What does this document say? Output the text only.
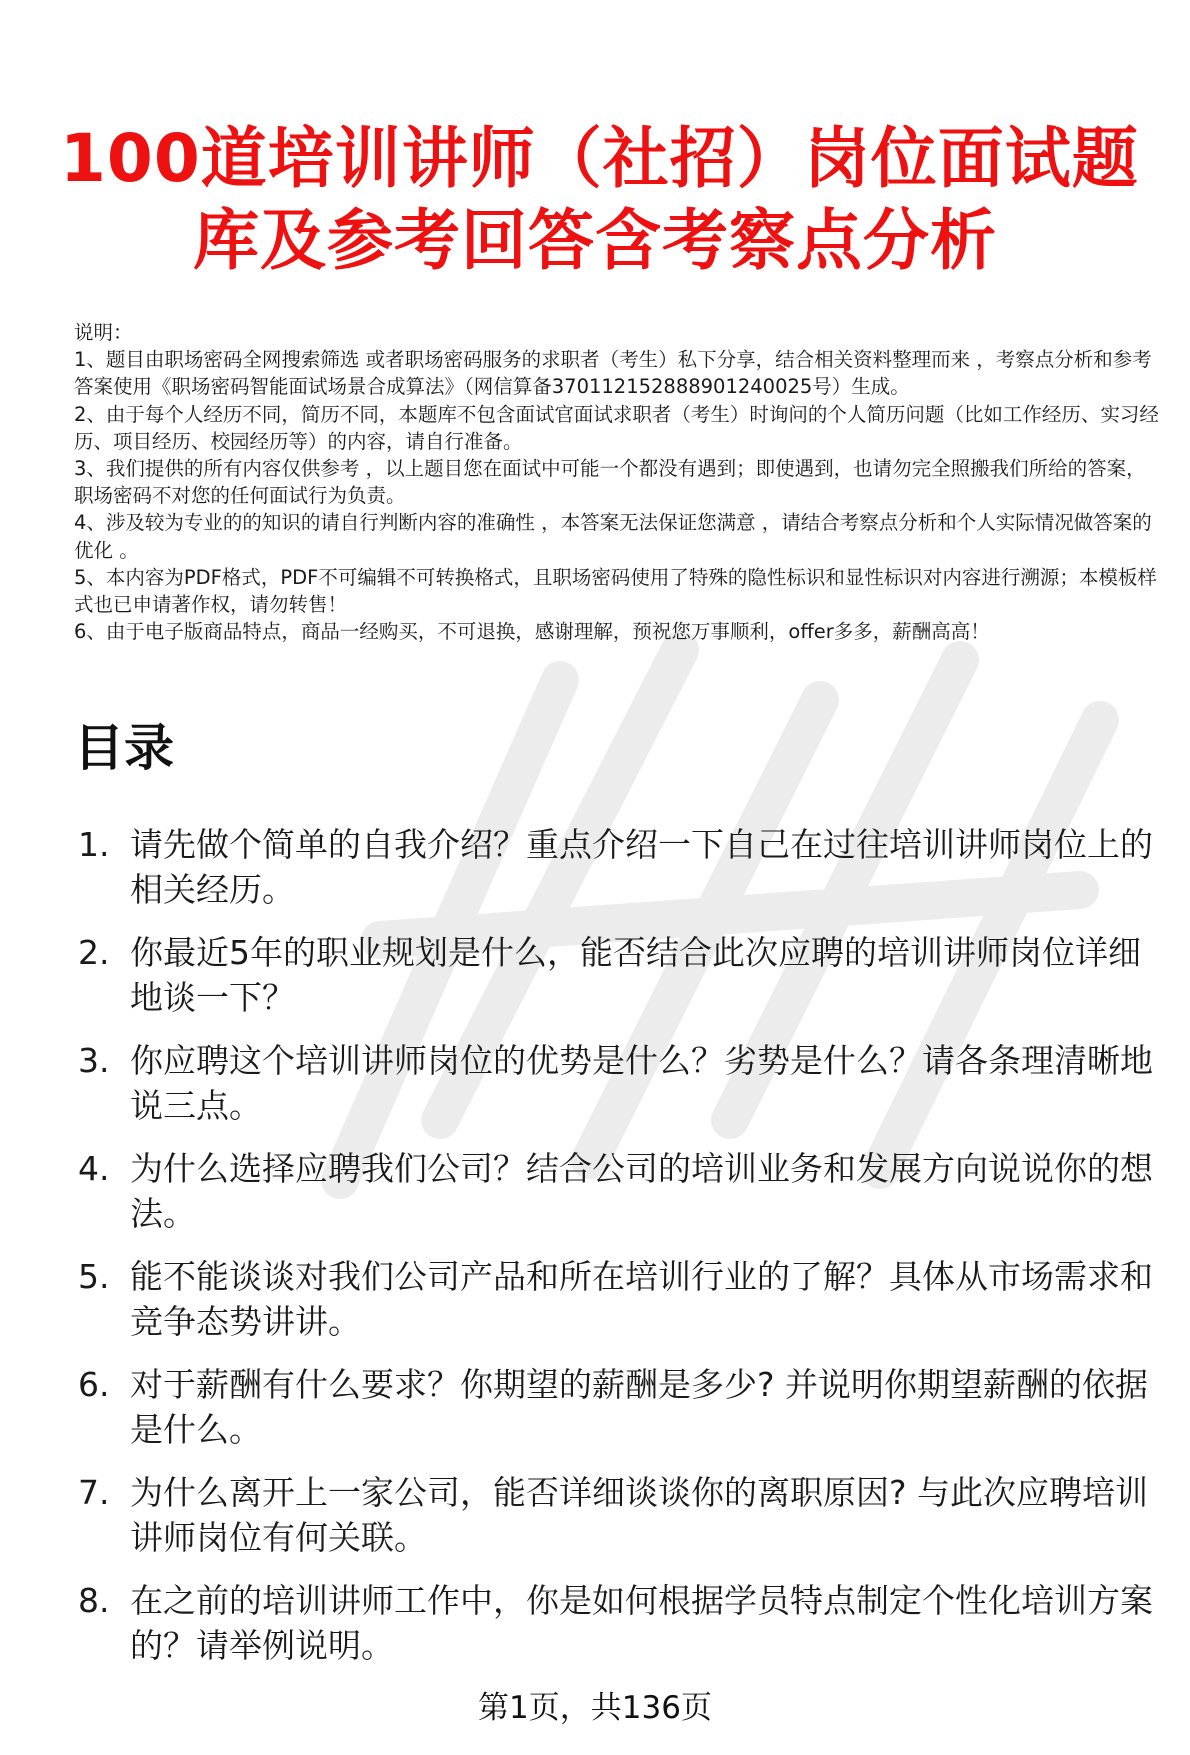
100道培训讲师（社招）岗位面试题
库及参考回答含考察点分析

说明：

1、题目由职场密码全网搜索筛选 或者职场密码服务的求职者（考生）私下分享，结合相关资料整理而来 ，考察点分析和参考答案使用《职场密码智能面试场景合成算法》（网信算备370112152888901240025号）生成。

2、由于每个人经历不同，简历不同，本题库不包含面试官面试求职者（考生）时询问的个人简历问题（比如工作经历、实习经历、项目经历、校园经历等）的内容，请自行准备。

3、我们提供的所有内容仅供参考 ，以上题目您在面试中可能一个都没有遇到；即使遇到，也请勿完全照搬我们所给的答案，职场密码不对您的任何面试行为负责。

4、涉及较为专业的的知识的请自行判断内容的准确性 ，本答案无法保证您满意 ，请结合考察点分析和个人实际情况做答案的优化 。

5、本内容为PDF格式，PDF不可编辑不可转换格式，且职场密码使用了特殊的隐性标识和显性标识对内容进行溯源；本模板样式也已申请著作权，请勿转售！

6、由于电子版商品特点，商品一经购买，不可退换，感谢理解，预祝您万事顺利，offer多多，薪酬高高！

目录
1. 请先做个简单的自我介绍？重点介绍一下自己在过往培训讲师岗位上的相关经历。
2. 你最近5年的职业规划是什么，能否结合此次应聘的培训讲师岗位详细地谈一下？
3. 你应聘这个培训讲师岗位的优势是什么？劣势是什么？请各条理清晰地说三点。
4. 为什么选择应聘我们公司？结合公司的培训业务和发展方向说说你的想法。
5. 能不能谈谈对我们公司产品和所在培训行业的了解？具体从市场需求和竞争态势讲讲。
6. 对于薪酬有什么要求？你期望的薪酬是多少? 并说明你期望薪酬的依据是什么。
7. 为什么离开上一家公司，能否详细谈谈你的离职原因? 与此次应聘培训讲师岗位有何关联。
8. 在之前的培训讲师工作中，你是如何根据学员特点制定个性化培训方案的？请举例说明。
第1页，共136页
